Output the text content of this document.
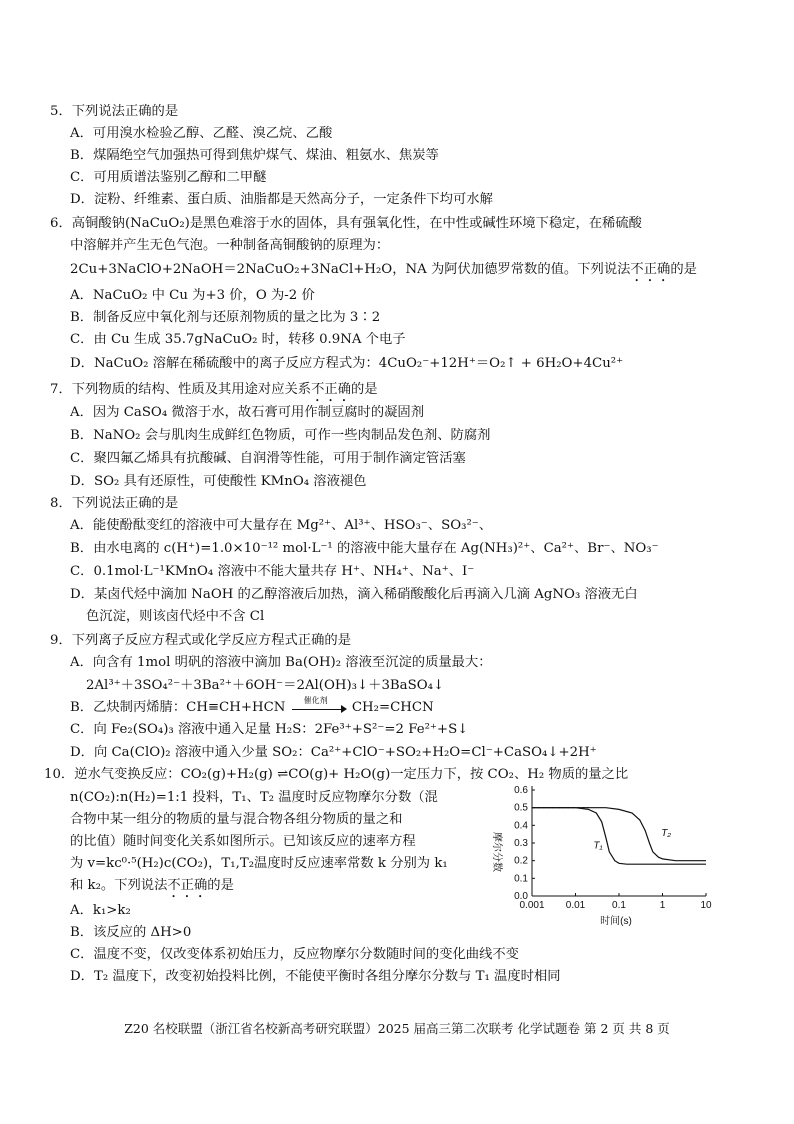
5．下列说法正确的是
A．可用溴水检验乙醇、乙醛、溴乙烷、乙酸
B．煤隔绝空气加强热可得到焦炉煤气、煤油、粗氨水、焦炭等
C．可用质谱法鉴别乙醇和二甲醚
D．淀粉、纤维素、蛋白质、油脂都是天然高分子，一定条件下均可水解
6．高铜酸钠(NaCuO₂)是黑色难溶于水的固体，具有强氧化性，在中性或碱性环境下稳定，在稀硫酸
中溶解并产生无色气泡。一种制备高铜酸钠的原理为：
2Cu+3NaClO+2NaOH＝2NaCuO₂+3NaCl+H₂O，NA 为阿伏加德罗常数的值。下列说法不正确的是
A．NaCuO₂ 中 Cu 为+3 价，O 为-2 价
B．制备反应中氧化剂与还原剂物质的量之比为 3∶2
C．由 Cu 生成 35.7gNaCuO₂ 时，转移 0.9NA 个电子
D．NaCuO₂ 溶解在稀硫酸中的离子反应方程式为：4CuO₂⁻+12H⁺＝O₂↑ + 6H₂O+4Cu²⁺
7．下列物质的结构、性质及其用途对应关系不正确的是
A．因为 CaSO₄ 微溶于水，故石膏可用作制豆腐时的凝固剂
B．NaNO₂ 会与肌肉生成鲜红色物质，可作一些肉制品发色剂、防腐剂
C．聚四氟乙烯具有抗酸碱、自润滑等性能，可用于制作滴定管活塞
D．SO₂ 具有还原性，可使酸性 KMnO₄ 溶液褪色
8．下列说法正确的是
A．能使酚酞变红的溶液中可大量存在 Mg²⁺、Al³⁺、HSO₃⁻、SO₃²⁻、
B．由水电离的 c(H⁺)=1.0×10⁻¹² mol·L⁻¹ 的溶液中能大量存在 Ag(NH₃)²⁺、Ca²⁺、Br⁻、NO₃⁻
C．0.1mol·L⁻¹KMnO₄ 溶液中不能大量共存 H⁺、NH₄⁺、Na⁺、I⁻
D．某卤代烃中滴加 NaOH 的乙醇溶液后加热，滴入稀硝酸酸化后再滴入几滴 AgNO₃ 溶液无白
色沉淀，则该卤代烃中不含 Cl
9．下列离子反应方程式或化学反应方程式正确的是
A．向含有 1mol 明矾的溶液中滴加 Ba(OH)₂ 溶液至沉淀的质量最大：
2Al³⁺＋3SO₄²⁻＋3Ba²⁺＋6OH⁻＝2Al(OH)₃↓＋3BaSO₄↓
B．乙炔制丙烯腈：CH≡CH+HCN 催化剂 CH₂=CHCN
C．向 Fe₂(SO₄)₃ 溶液中通入足量 H₂S：2Fe³⁺+S²⁻=2 Fe²⁺+S↓
D．向 Ca(ClO)₂ 溶液中通入少量 SO₂：Ca²⁺+ClO⁻+SO₂+H₂O=Cl⁻+CaSO₄↓+2H⁺
10．逆水气变换反应：CO₂(g)+H₂(g) ⇌CO(g)+ H₂O(g)一定压力下，按 CO₂、H₂ 物质的量之比
n(CO₂):n(H₂)=1:1 投料，T₁、T₂ 温度时反应物摩尔分数（混
合物中某一组分的物质的量与混合物各组分物质的量之和
的比值）随时间变化关系如图所示。已知该反应的速率方程
为 v=kc⁰·⁵(H₂)c(CO₂)，T₁,T₂温度时反应速率常数 k 分别为 k₁
和 k₂。下列说法不正确的是
A．k₁>k₂
B．该反应的 ΔH>0
C．温度不变，仅改变体系初始压力，反应物摩尔分数随时间的变化曲线不变
D．T₂ 温度下，改变初始投料比例，不能使平衡时各组分摩尔分数与 T₁ 温度时相同
0.0
0.1
0.2
0.3
0.4
0.5
0.6
0.001 0.01	0.1	1	10
T₁
T₂
摩尔分数
时间(s)
Z20 名校联盟（浙江省名校新高考研究联盟）2025 届高三第二次联考 化学试题卷 第 2 页 共 8 页
